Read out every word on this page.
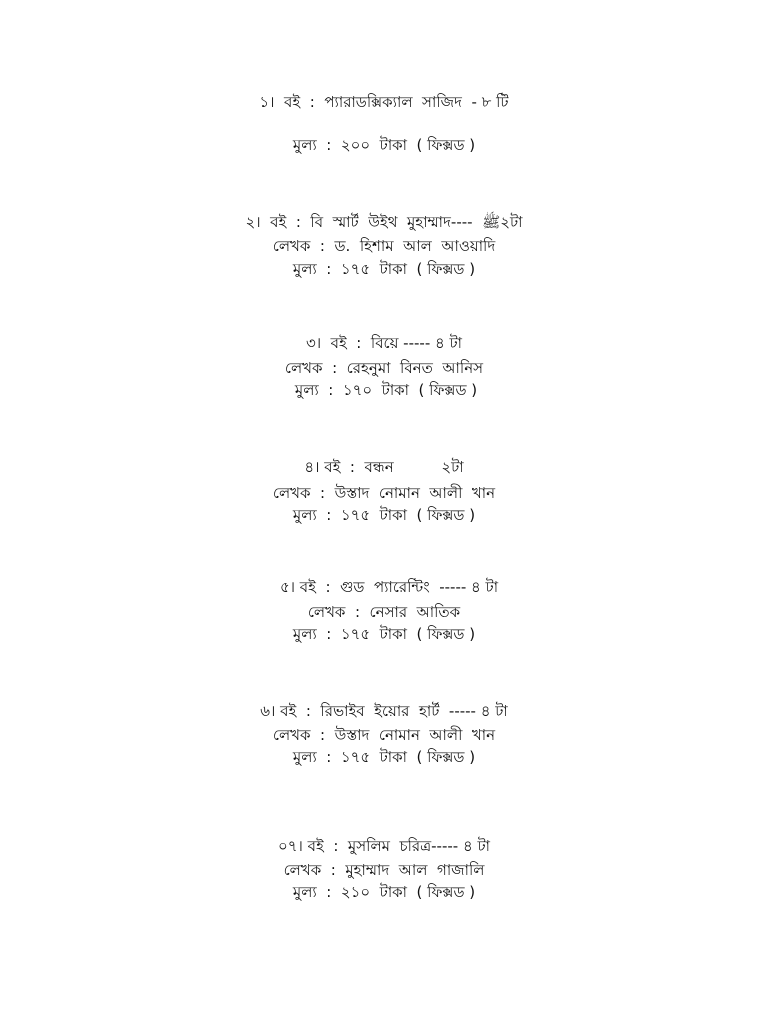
১।  বই  :  প্যারাডক্সিক্যাল  সাজিদ  - ৮ টি
মুল্য  :  ২০০  টাকা  ( ফিক্সড )
২।  বই  :  বি  স্মার্ট  উইথ  মুহাম্মাদ----  ﷺ২টা
লেখক  :  ড.  হিশাম  আল  আওয়াদি
মুল্য  :  ১৭৫  টাকা  ( ফিক্সড )
৩।  বই  :  বিয়ে ----- ৪ টা
লেখক  :  রেহনুমা  বিনত  আনিস
মুল্য  :  ১৭০  টাকা  ( ফিক্সড )
৪। বই  :  বন্ধন          ২টা
লেখক  :  উস্তাদ  নোমান  আলী  খান
মুল্য  :  ১৭৫  টাকা  ( ফিক্সড )
৫। বই  :  গুড  প্যারেন্টিং  ----- ৪ টা
লেখক  :  নেসার  আতিক
মুল্য  :  ১৭৫  টাকা  ( ফিক্সড )
৬। বই  :  রিভাইব  ইয়োর  হার্ট  ----- ৪ টা
লেখক  :  উস্তাদ  নোমান  আলী  খান
মুল্য  :  ১৭৫  টাকা  ( ফিক্সড )
০৭। বই  :  মুসলিম  চরিত্র----- ৪ টা
লেখক  :  মুহাম্মাদ  আল  গাজালি
মুল্য  :  ২১০  টাকা  ( ফিক্সড )
